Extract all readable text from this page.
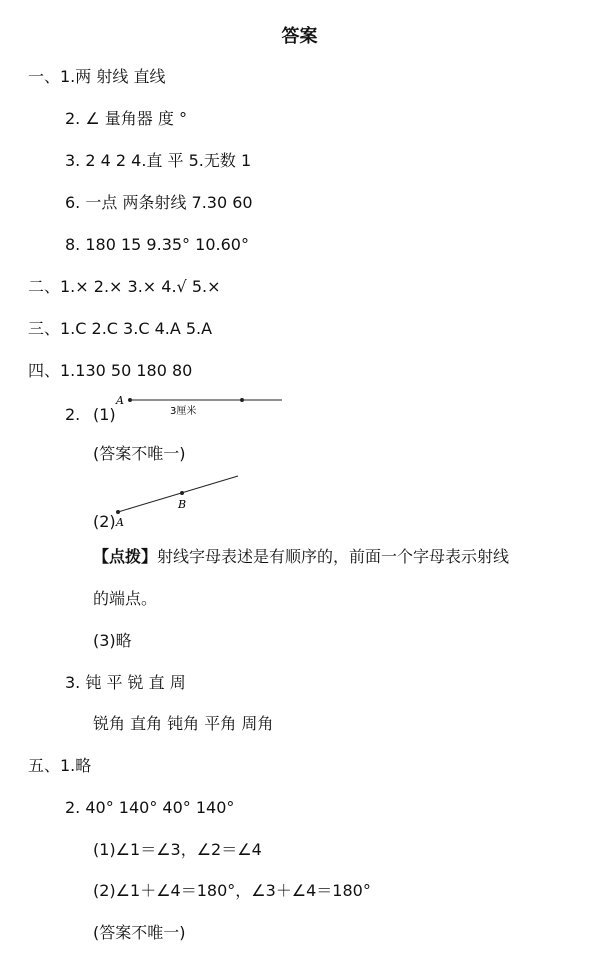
答案
一、1.两 射线 直线
2. ∠ 量角器 度 °
3. 2 4 2 4.直 平 5.无数 1
6. 一点 两条射线 7.30 60
8. 180 15 9.35° 10.60°
二、1.× 2.× 3.× 4.√ 5.×
三、1.C 2.C 3.C 4.A 5.A
四、1.130 50 180 80
2. (1)
A
3厘米
(答案不唯一)
A
B
(2)
【点拨】射线字母表述是有顺序的，前面一个字母表示射线
的端点。
(3)略
3. 钝 平 锐 直 周
锐角 直角 钝角 平角 周角
五、1.略
2. 40° 140° 40° 140°
(1)∠1＝∠3，∠2＝∠4
(2)∠1＋∠4＝180°，∠3＋∠4＝180°
(答案不唯一)
